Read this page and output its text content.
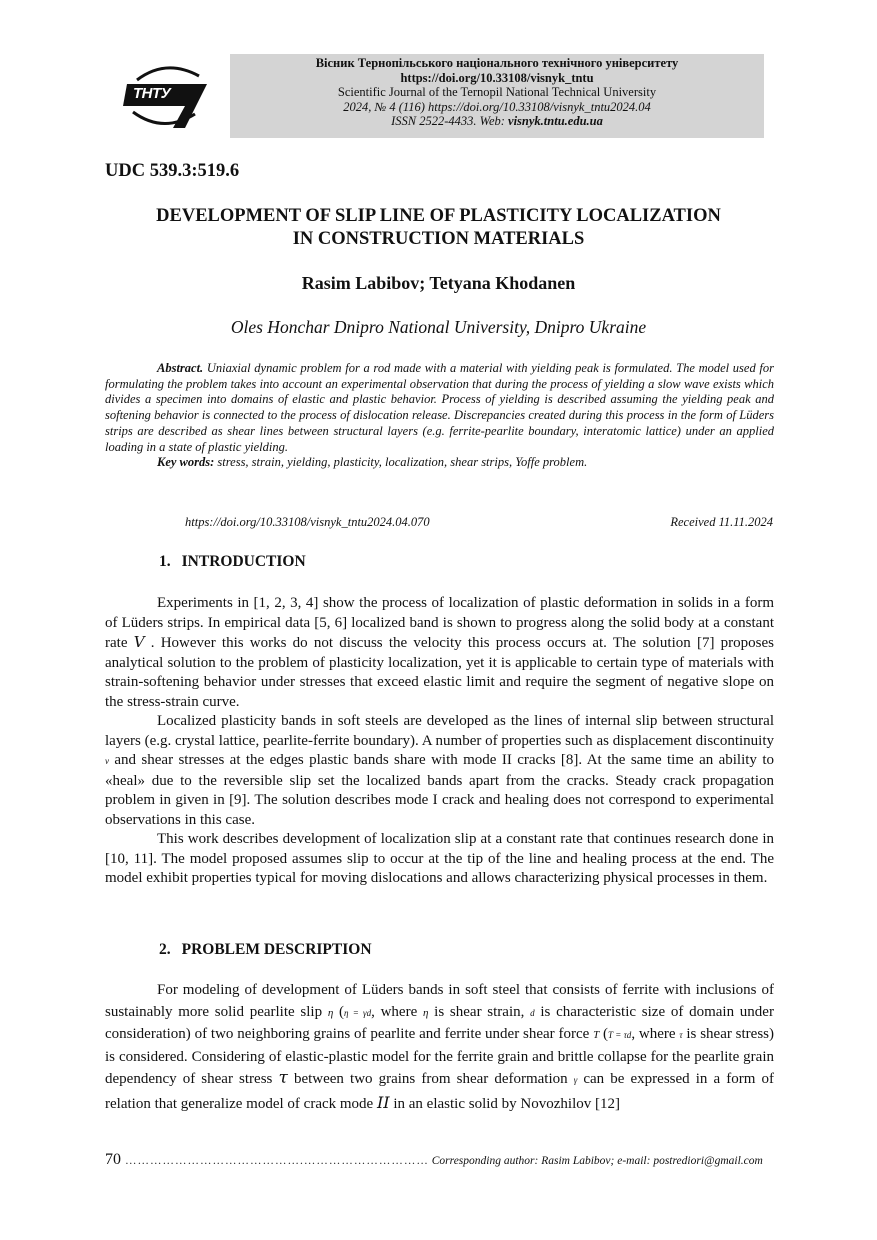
ТНТУ
Вісник Тернопільського національного технічного університету
https://doi.org/10.33108/visnyk_tntu
Scientific Journal of the Ternopil National Technical University
2024, № 4 (116) https://doi.org/10.33108/visnyk_tntu2024.04
ISSN 2522-4433. Web: visnyk.tntu.edu.ua
UDC 539.3:519.6
DEVELOPMENT OF SLIP LINE OF PLASTICITY LOCALIZATION
IN CONSTRUCTION MATERIALS
Rasim Labibov; Tetyana Khodanen
Oles Honchar Dnipro National University, Dnipro Ukraine

Abstract. Uniaxial dynamic problem for a rod made with a material with yielding peak is formulated. The model used for formulating the problem takes into account an experimental observation that during the process of yielding a slow wave exists which divides a specimen into domains of elastic and plastic behavior. Process of yielding is described assuming the yielding peak and softening behavior is connected to the process of dislocation release. Discrepancies created during this process in the form of Lüders strips are described as shear lines between structural layers (e.g. ferrite-pearlite boundary, interatomic lattice) under an applied loading in a state of plastic yielding.

Key words: stress, strain, yielding, plasticity, localization, shear strips, Yoffe problem.

https://doi.org/10.33108/visnyk_tntu2024.04.070	Received 11.11.2024
1. INTRODUCTION

Experiments in [1, 2, 3, 4] show the process of localization of plastic deformation in solids in a form of Lüders strips. In empirical data [5, 6] localized band is shown to progress along the solid body at a constant rate V . However this works do not discuss the velocity this process occurs at. The solution [7] proposes analytical solution to the problem of plasticity localization, yet it is applicable to certain type of materials with strain-softening behavior under stresses that exceed elastic limit and require the segment of negative slope on the stress-strain curve.

Localized plasticity bands in soft steels are developed as the lines of internal slip between structural layers (e.g. crystal lattice, pearlite-ferrite boundary). A number of properties such as displacement discontinuity v and shear stresses at the edges plastic bands share with mode II cracks [8]. At the same time an ability to «heal» due to the reversible slip set the localized bands apart from the cracks. Steady crack propagation problem in given in [9]. The solution describes mode I crack and healing does not correspond to experimental observations in this case.

This work describes development of localization slip at a constant rate that continues research done in [10, 11]. The model proposed assumes slip to occur at the tip of the line and healing process at the end. The model exhibit properties typical for moving dislocations and allows characterizing physical processes in them.

2. PROBLEM DESCRIPTION

For modeling of development of Lüders bands in soft steel that consists of ferrite with inclusions of sustainably more solid pearlite slip η (η = γd, where η is shear strain, d is characteristic size of domain under consideration) of two neighboring grains of pearlite and ferrite under shear force T (T = τd, where τ is shear stress) is considered. Considering of elastic-plastic model for the ferrite grain and brittle collapse for the pearlite grain dependency of shear stress τ between two grains from shear deformation γ can be expressed in a form of relation that generalize model of crack mode II in an elastic solid by Novozhilov [12]

70 …………………………………….………………………… Corresponding author: Rasim Labibov; e-mail: postrediori@gmail.com
